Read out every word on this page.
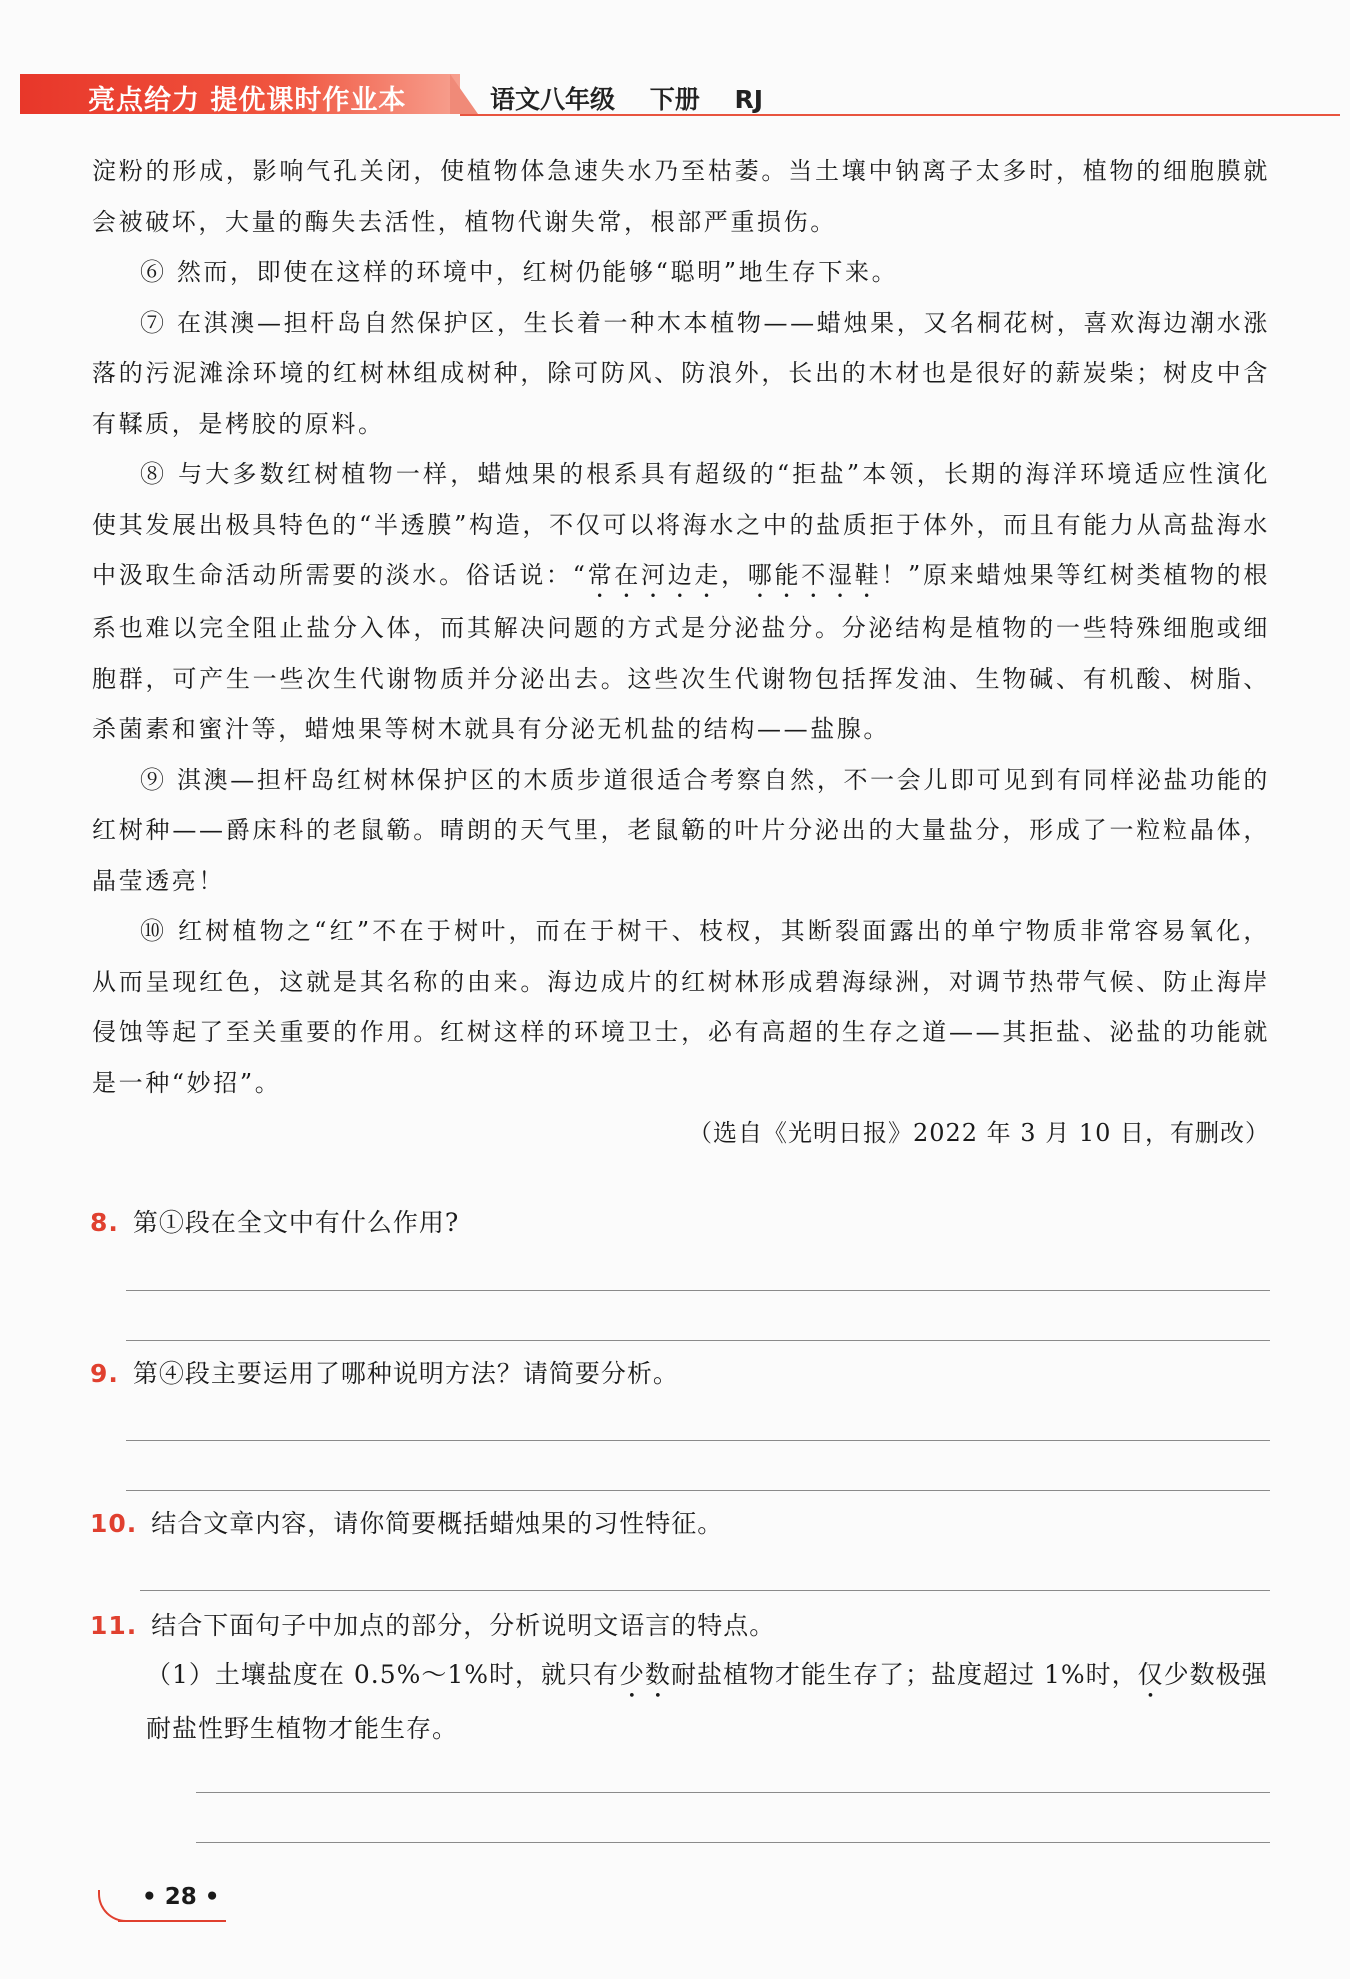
亮点给力 提优课时作业本	语文八年级 下册 RJ

淀粉的形成，影响气孔关闭，使植物体急速失水乃至枯萎。当土壤中钠离子太多时，植物的细胞膜就会被破坏，大量的酶失去活性，植物代谢失常，根部严重损伤。

⑥ 然而，即使在这样的环境中，红树仍能够“聪明”地生存下来。

⑦ 在淇澳—担杆岛自然保护区，生长着一种木本植物——蜡烛果，又名桐花树，喜欢海边潮水涨落的污泥滩涂环境的红树林组成树种，除可防风、防浪外，长出的木材也是很好的薪炭柴；树皮中含有鞣质，是栲胶的原料。

⑧ 与大多数红树植物一样，蜡烛果的根系具有超级的“拒盐”本领，长期的海洋环境适应性演化使其发展出极具特色的“半透膜”构造，不仅可以将海水之中的盐质拒于体外，而且有能力从高盐海水中汲取生命活动所需要的淡水。俗话说：“常在河边走，哪能不湿鞋！”原来蜡烛果等红树类植物的根系也难以完全阻止盐分入体，而其解决问题的方式是分泌盐分。分泌结构是植物的一些特殊细胞或细胞群，可产生一些次生代谢物质并分泌出去。这些次生代谢物包括挥发油、生物碱、有机酸、树脂、杀菌素和蜜汁等，蜡烛果等树木就具有分泌无机盐的结构——盐腺。

⑨ 淇澳—担杆岛红树林保护区的木质步道很适合考察自然，不一会儿即可见到有同样泌盐功能的红树种——爵床科的老鼠簕。晴朗的天气里，老鼠簕的叶片分泌出的大量盐分，形成了一粒粒晶体，晶莹透亮！

⑩ 红树植物之“红”不在于树叶，而在于树干、枝杈，其断裂面露出的单宁物质非常容易氧化，从而呈现红色，这就是其名称的由来。海边成片的红树林形成碧海绿洲，对调节热带气候、防止海岸侵蚀等起了至关重要的作用。红树这样的环境卫士，必有高超的生存之道——其拒盐、泌盐的功能就是一种“妙招”。

（选自《光明日报》2022 年 3 月 10 日，有删改）

8. 第①段在全文中有什么作用?
9. 第④段主要运用了哪种说明方法？请简要分析。
10. 结合文章内容，请你简要概括蜡烛果的习性特征。
11. 结合下面句子中加点的部分，分析说明文语言的特点。
（1）土壤盐度在 0.5%～1%时，就只有少数耐盐植物才能生存了；盐度超过 1%时，仅少数极强耐盐性野生植物才能生存。
• 28 •
